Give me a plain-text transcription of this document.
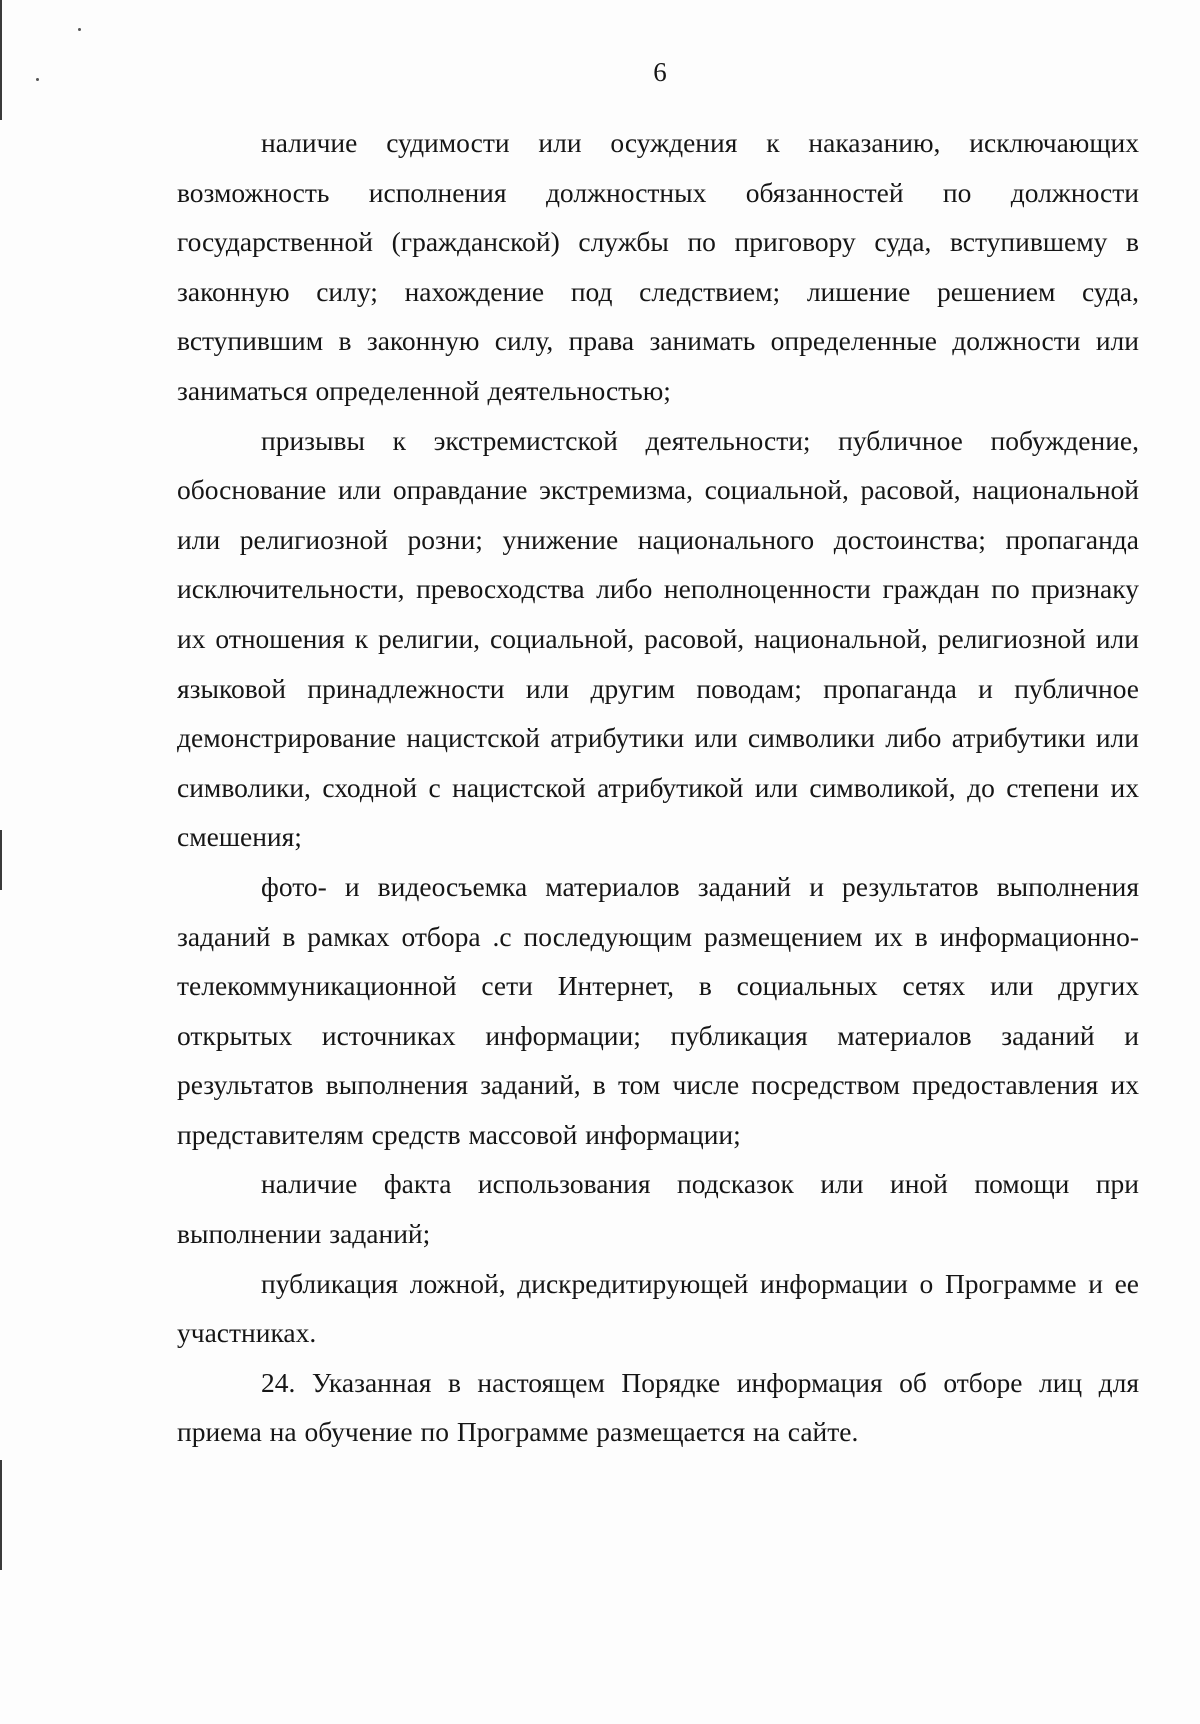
6

наличие судимости или осуждения к наказанию, исключающих возможность исполнения должностных обязанностей по должности государственной (гражданской) службы по приговору суда, вступившему в законную силу; нахождение под следствием; лишение решением суда, вступившим в законную силу, права занимать определенные должности или заниматься определенной деятельностью;

призывы к экстремистской деятельности; публичное побуждение, обоснование или оправдание экстремизма, социальной, расовой, национальной или религиозной розни; унижение национального достоинства; пропаганда исключительности, превосходства либо неполноценности граждан по признаку их отношения к религии, социальной, расовой, национальной, религиозной или языковой принадлежности или другим поводам; пропаганда и публичное демонстрирование нацистской атрибутики или символики либо атрибутики или символики, сходной с нацистской атрибутикой или символикой, до степени их смешения;

фото- и видеосъемка материалов заданий и результатов выполнения заданий в рамках отбора .с последующим размещением их в информационно-телекоммуникационной сети Интернет, в социальных сетях или других открытых источниках информации; публикация материалов заданий и результатов выполнения заданий, в том числе посредством предоставления их представителям средств массовой информации;

наличие факта использования подсказок или иной помощи при выполнении заданий;

публикация ложной, дискредитирующей информации о Программе и ее участниках.

24. Указанная в настоящем Порядке информация об отборе лиц для приема на обучение по Программе размещается на сайте.
